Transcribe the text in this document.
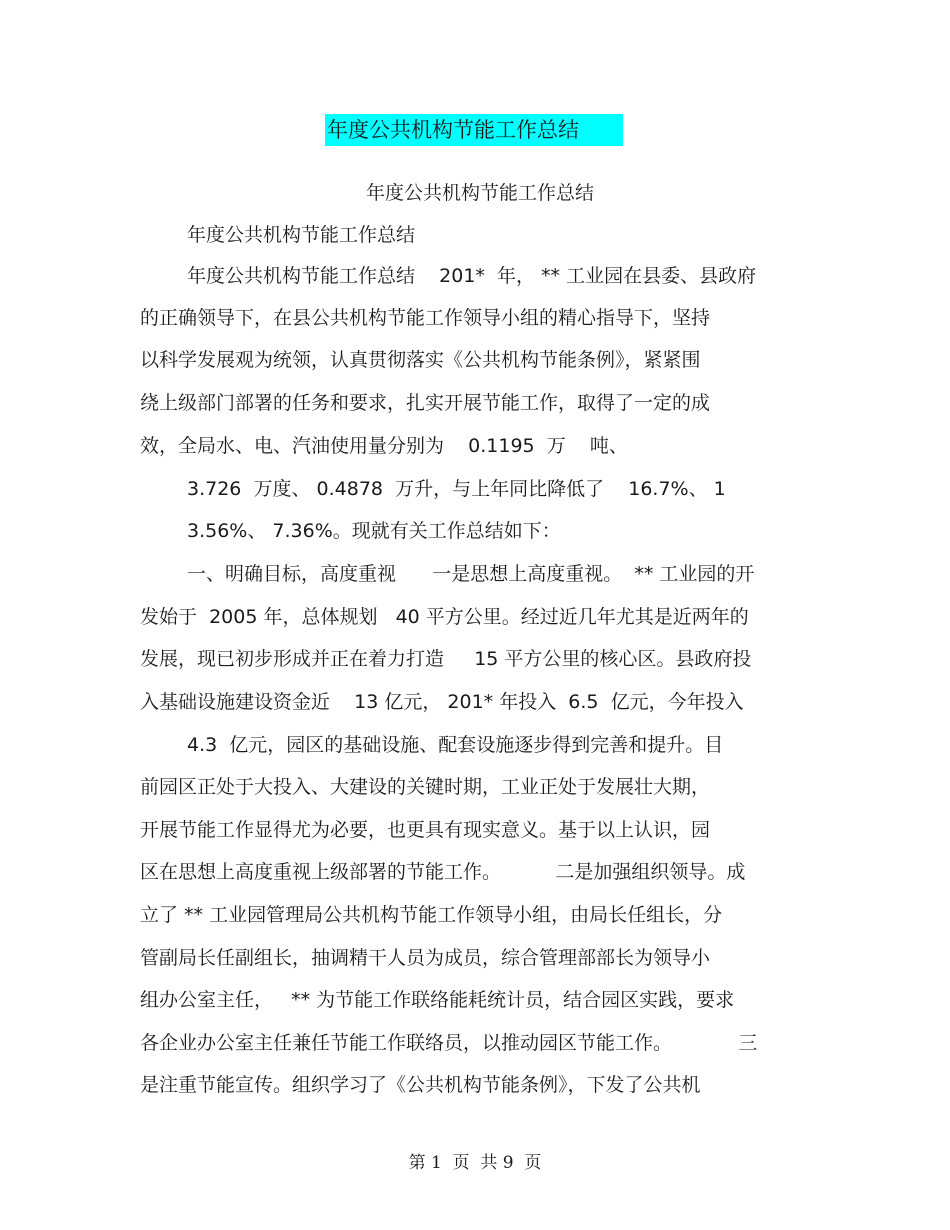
年度公共机构节能工作总结
年度公共机构节能工作总结
年度公共机构节能工作总结
年度公共机构节能工作总结    201*  年， ** 工业园在县委、县政府
的正确领导下，在县公共机构节能工作领导小组的精心指导下，坚持
以科学发展观为统领，认真贯彻落实《公共机构节能条例》，紧紧围
绕上级部门部署的任务和要求，扎实开展节能工作，取得了一定的成
效，全局水、电、汽油使用量分别为    0.1195  万    吨、
3.726  万度、 0.4878  万升，与上年同比降低了    16.7%、 1
3.56%、 7.36%。现就有关工作总结如下：
一、明确目标，高度重视      一是思想上高度重视。  ** 工业园的开
发始于  2005 年，总体规划   40 平方公里。经过近几年尤其是近两年的
发展，现已初步形成并正在着力打造     15 平方公里的核心区。县政府投
入基础设施建设资金近    13 亿元， 201* 年投入  6.5  亿元，今年投入
4.3  亿元，园区的基础设施、配套设施逐步得到完善和提升。目
前园区正处于大投入、大建设的关键时期，工业正处于发展壮大期，
开展节能工作显得尤为必要，也更具有现实意义。基于以上认识，园
区在思想上高度重视上级部署的节能工作。         二是加强组织领导。成
立了 ** 工业园管理局公共机构节能工作领导小组，由局长任组长，分
管副局长任副组长，抽调精干人员为成员，综合管理部部长为领导小
组办公室主任，   ** 为节能工作联络能耗统计员，结合园区实践，要求
各企业办公室主任兼任节能工作联络员，以推动园区节能工作。           三
是注重节能宣传。组织学习了《公共机构节能条例》，下发了公共机
第 1  页  共 9  页
